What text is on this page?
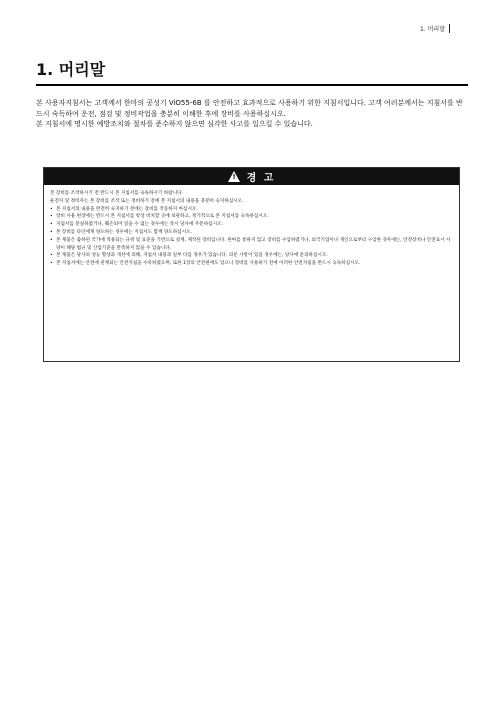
1. 머리말
1. 머리말

본 사용자지침서는 고객께서 한마의 공성기 ViO55-6B 를 안전하고 효과적으로 사용하기 위한 지침서입니다. 고객 여러분께서는 지침서를 반드시 숙독하여 운전, 점검 및 정비작업을 충분히 이해한 후에 장비를 사용하십시오.

본 지침서에 명시한 예방조치와 절차를 준수하지 않으면 심각한 사고를 일으킬 수 있습니다.

!	경 고

본 장비를 조작하시기 전 반드시 본 지침서를 숙독하시기 바랍니다.

운전자 및 정비자는 본 장비를 조작 또는 정비하기 전에 본 지침서의 내용을 충분히 숙지하십시오.

• 본 지침서의 내용을 완전히 숙지하기 전에는 장비를 작동하지 마십시오.
• 장비 사용 현장에는 반드시 본 지침서를 항상 비치할 곳에 보관하고, 정기적으로 본 지침서를 숙독하십시오.
• 지침서를 분실하였거나, 훼손되어 읽을 수 없는 경우에는 즉시 당사에 주문하십시오.
• 본 장비를 타인에게 양도하는 경우에는 지침서도 함께 양도하십시오.
• 본 제품은 출하된 국가에 적용되는 규정 및 표준을 기반으로 설계, 제작된 장비입니다. 한마를 통하지 않고 장비를 수입하였거나, 외국기업이나 개인으로부터 구입한 경우에는, 안전장치나 안전표시 사양이 해당 법규 및 산업기준을 만족하지 않을 수 있습니다.
• 본 제품은 당사의 성능 향상과 개선에 의해, 지침서 내용과 일부 다를 경우가 있습니다. 의문 사항이 있을 경우에는, 당사에 문의하십시오.
• 본 지침서에는 안전에 관계되는 안전지침을 수록하였으며, 또한 1장의 안전편에도 있으니 장비를 사용하기 전에 이러한 안전지침을 반드시 숙독하십시오.
